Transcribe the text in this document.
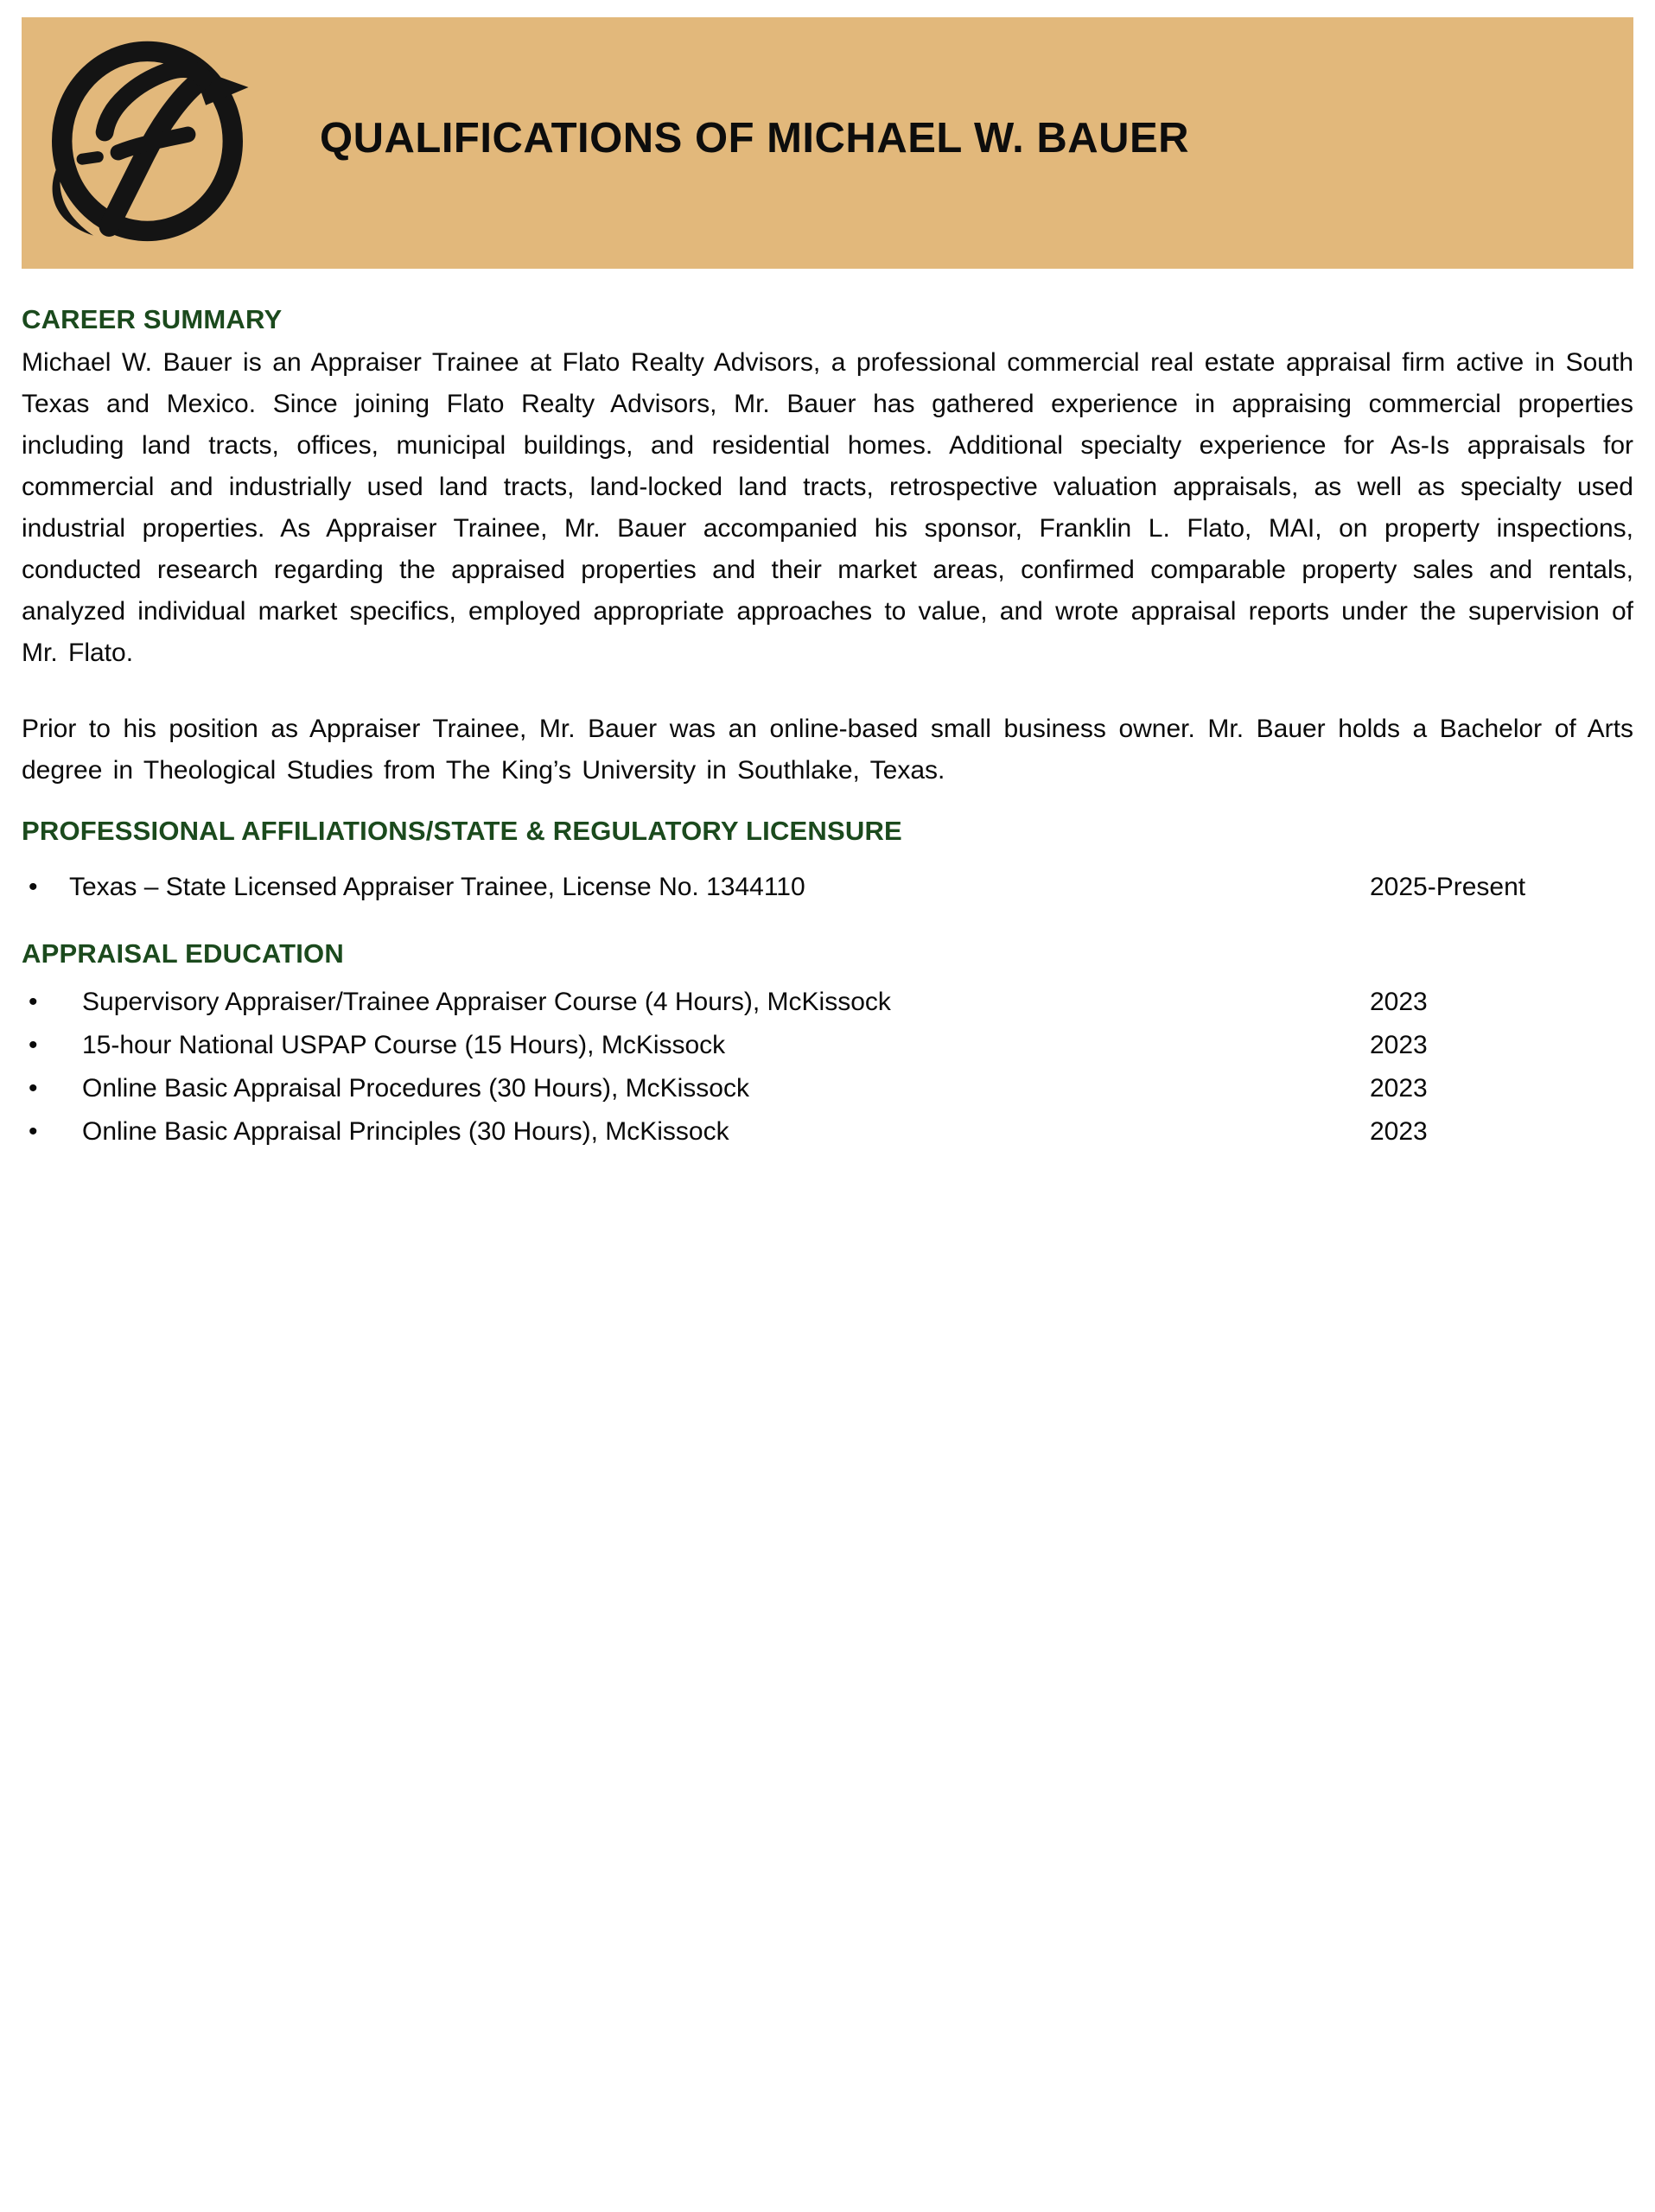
QUALIFICATIONS OF MICHAEL W. BAUER
CAREER SUMMARY

Michael W. Bauer is an Appraiser Trainee at Flato Realty Advisors, a professional commercial real estate appraisal firm active in South Texas and Mexico. Since joining Flato Realty Advisors, Mr. Bauer has gathered experience in appraising commercial properties including land tracts, offices, municipal buildings, and residential homes. Additional specialty experience for As-Is appraisals for commercial and industrially used land tracts, land-locked land tracts, retrospective valuation appraisals, as well as specialty used industrial properties. As Appraiser Trainee, Mr. Bauer accompanied his sponsor, Franklin L. Flato, MAI, on property inspections, conducted research regarding the appraised properties and their market areas, confirmed comparable property sales and rentals, analyzed individual market specifics, employed appropriate approaches to value, and wrote appraisal reports under the supervision of Mr. Flato.

Prior to his position as Appraiser Trainee, Mr. Bauer was an online-based small business owner. Mr. Bauer holds a Bachelor of Arts degree in Theological Studies from The King’s University in Southlake, Texas.

PROFESSIONAL AFFILIATIONS/STATE & REGULATORY LICENSURE
• Texas – State Licensed Appraiser Trainee, License No. 1344110	2025-Present
APPRAISAL EDUCATION
• Supervisory Appraiser/Trainee Appraiser Course (4 Hours), McKissock	2023
• 15-hour National USPAP Course (15 Hours), McKissock	2023
• Online Basic Appraisal Procedures (30 Hours), McKissock	2023
• Online Basic Appraisal Principles (30 Hours), McKissock	2023
